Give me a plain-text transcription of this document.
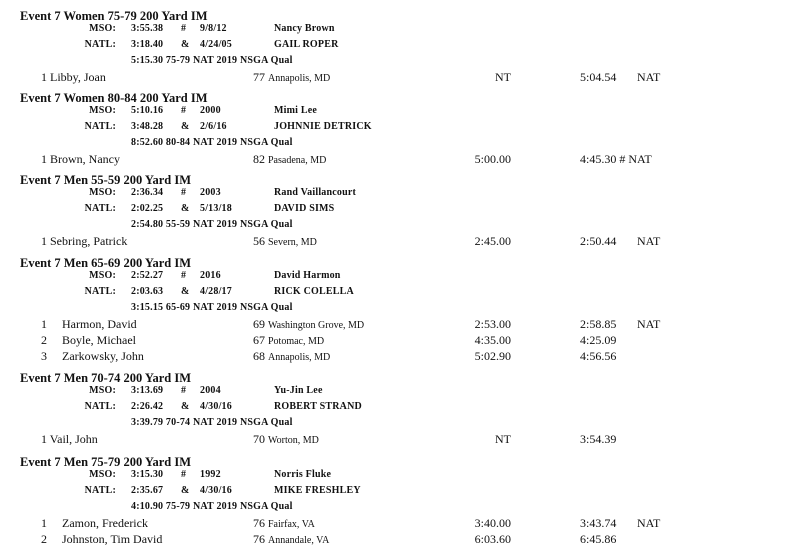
Event 7 Women 75-79 200 Yard IM
MSO: 3:55.38 # 9/8/12	Nancy Brown
NATL: 3:18.40 & 4/24/05	GAIL ROPER
5:15.30 75-79 NAT 2019 NSGA Qual
1 Libby, Joan	77 Annapolis, MD	NT	5:04.54 NAT
Event 7 Women 80-84 200 Yard IM
MSO: 5:10.16 # 2000	Mimi Lee
NATL: 3:48.28 & 2/6/16	JOHNNIE DETRICK
8:52.60 80-84 NAT 2019 NSGA Qual
1 Brown, Nancy	82 Pasadena, MD	5:00.00	4:45.30 # NAT
Event 7 Men 55-59 200 Yard IM
MSO: 2:36.34 # 2003	Rand Vaillancourt
NATL: 2:02.25 & 5/13/18	DAVID SIMS
2:54.80 55-59 NAT 2019 NSGA Qual
1 Sebring, Patrick	56 Severn, MD	2:45.00	2:50.44 NAT
Event 7 Men 65-69 200 Yard IM
MSO: 2:52.27 # 2016	David Harmon
NATL: 2:03.63 & 4/28/17	RICK COLELLA
3:15.15 65-69 NAT 2019 NSGA Qual
1 Harmon, David	69 Washington Grove, MD	2:53.00	2:58.85 NAT
2 Boyle, Michael	67 Potomac, MD	4:35.00	4:25.09
3 Zarkowsky, John	68 Annapolis, MD	5:02.90	4:56.56
Event 7 Men 70-74 200 Yard IM
MSO: 3:13.69 # 2004	Yu-Jin Lee
NATL: 2:26.42 & 4/30/16	ROBERT STRAND
3:39.79 70-74 NAT 2019 NSGA Qual
1 Vail, John	70 Worton, MD	NT	3:54.39
Event 7 Men 75-79 200 Yard IM
MSO: 3:15.30 # 1992	Norris Fluke
NATL: 2:35.67 & 4/30/16	MIKE FRESHLEY
4:10.90 75-79 NAT 2019 NSGA Qual
1 Zamon, Frederick	76 Fairfax, VA	3:40.00	3:43.74 NAT
2 Johnston, Tim David	76 Annandale, VA	6:03.60	6:45.86
